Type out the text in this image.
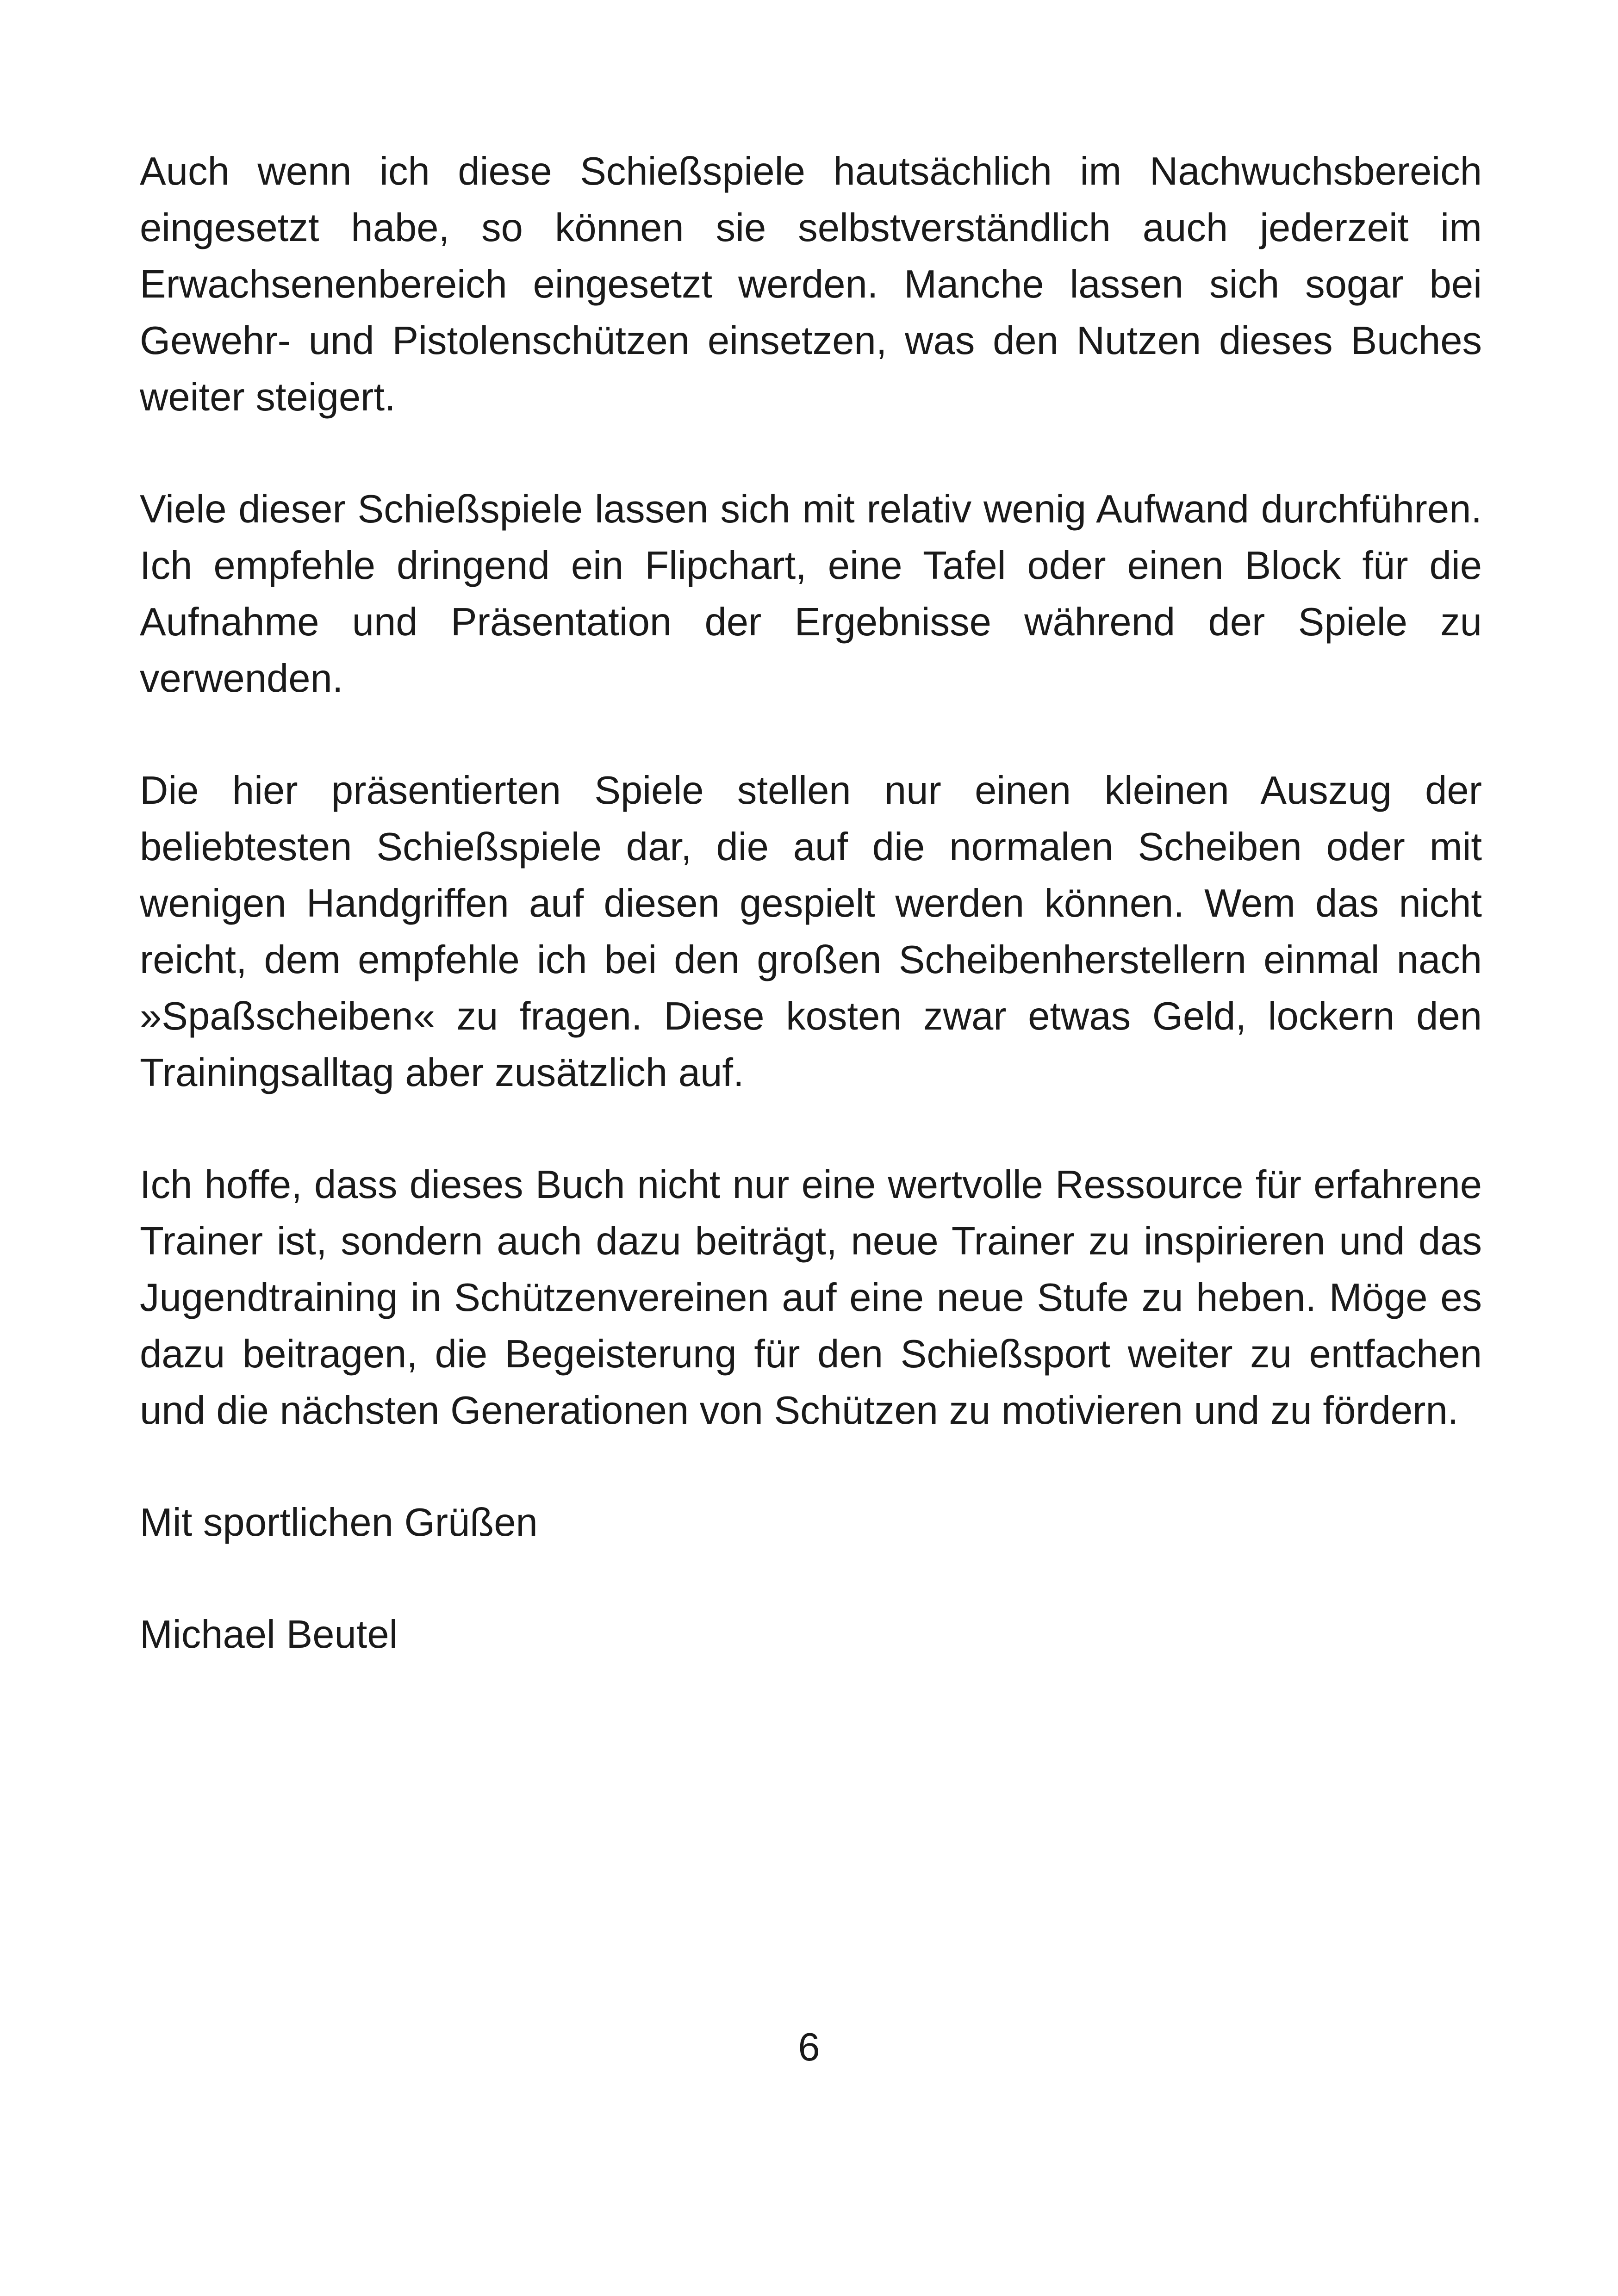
Auch wenn ich diese Schießspiele hautsächlich im Nachwuchsbereich eingesetzt habe, so können sie selbstverständlich auch jederzeit im Erwachsenenbereich eingesetzt werden. Manche lassen sich sogar bei Gewehr- und Pistolenschützen einsetzen, was den Nutzen dieses Buches weiter steigert.

Viele dieser Schießspiele lassen sich mit relativ wenig Aufwand durchführen. Ich empfehle dringend ein Flipchart, eine Tafel oder einen Block für die Aufnahme und Präsentation der Ergebnisse während der Spiele zu verwenden.

Die hier präsentierten Spiele stellen nur einen kleinen Auszug der beliebtesten Schießspiele dar, die auf die normalen Scheiben oder mit wenigen Handgriffen auf diesen gespielt werden können. Wem das nicht reicht, dem empfehle ich bei den großen Scheibenherstellern einmal nach »Spaßscheiben« zu fragen. Diese kosten zwar etwas Geld, lockern den Trainingsalltag aber zusätzlich auf.

Ich hoffe, dass dieses Buch nicht nur eine wertvolle Ressource für erfahrene Trainer ist, sondern auch dazu beiträgt, neue Trainer zu inspirieren und das Jugendtraining in Schützenvereinen auf eine neue Stufe zu heben. Möge es dazu beitragen, die Begeisterung für den Schießsport weiter zu entfachen und die nächsten Generationen von Schützen zu motivieren und zu fördern.

Mit sportlichen Grüßen

Michael Beutel

6
